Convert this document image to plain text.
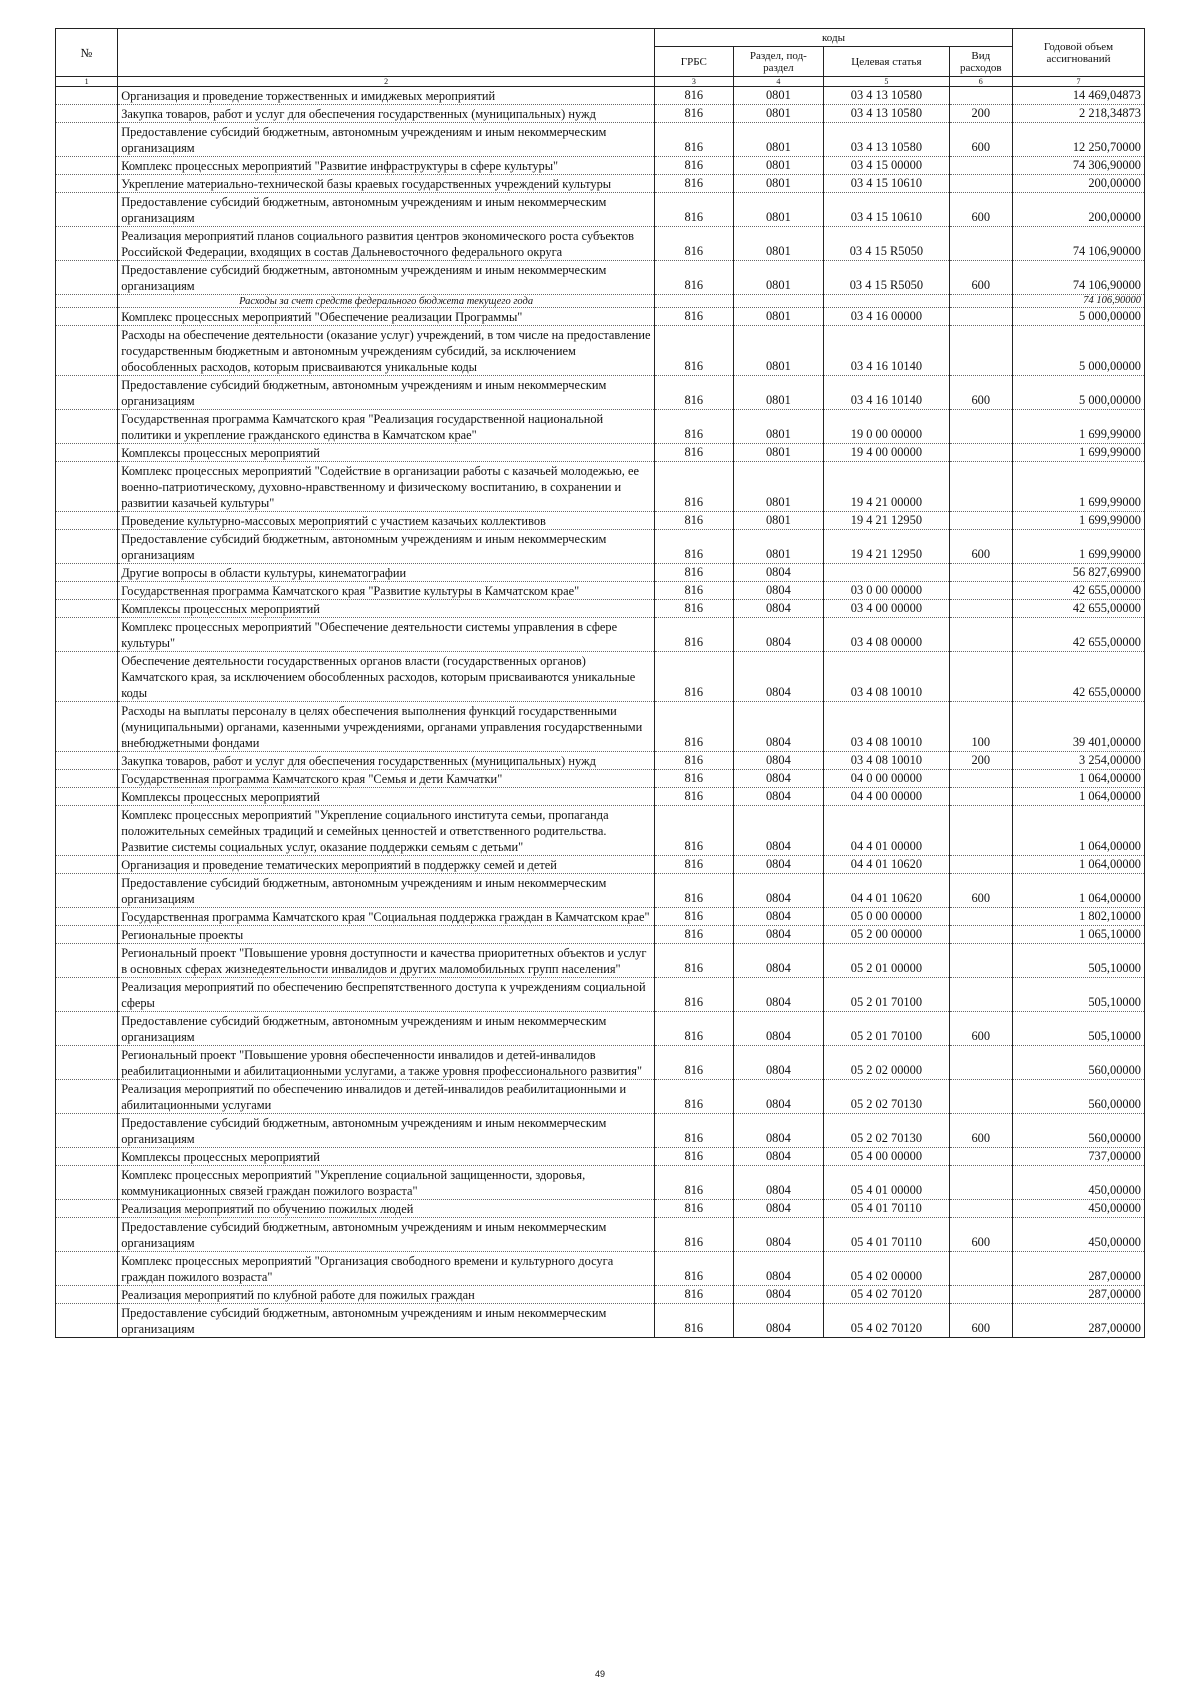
№		коды				Годовой объем ассигнований
		ГРБС	Раздел, под-раздел	Целевая статья	Вид расходов	
1	2	3	4	5	6	7
	Организация и проведение торжественных и имиджевых мероприятий	816	0801	03 4 13 10580		14 469,04873
	Закупка товаров, работ и услуг для обеспечения государственных (муниципальных) нужд	816	0801	03 4 13 10580	200	2 218,34873
	Предоставление субсидий бюджетным, автономным учреждениям и иным некоммерческим организациям	816	0801	03 4 13 10580	600	12 250,70000
	Комплекс процессных мероприятий "Развитие инфраструктуры в сфере культуры"	816	0801	03 4 15 00000		74 306,90000
	Укрепление материально-технической базы краевых государственных учреждений культуры	816	0801	03 4 15 10610		200,00000
	Предоставление субсидий бюджетным, автономным учреждениям и иным некоммерческим организациям	816	0801	03 4 15 10610	600	200,00000
	Реализация мероприятий планов социального развития центров экономического роста субъектов Российской Федерации, входящих в состав Дальневосточного федерального округа	816	0801	03 4 15 R5050		74 106,90000
	Предоставление субсидий бюджетным, автономным учреждениям и иным некоммерческим организациям	816	0801	03 4 15 R5050	600	74 106,90000
	Расходы за счет средств федерального бюджета текущего года					74 106,90000
	Комплекс процессных мероприятий "Обеспечение реализации Программы"	816	0801	03 4 16 00000		5 000,00000
	Расходы на обеспечение деятельности (оказание услуг) учреждений, в том числе на предоставление государственным бюджетным и автономным учреждениям субсидий, за исключением обособленных расходов, которым присваиваются уникальные коды	816	0801	03 4 16 10140		5 000,00000
	Предоставление субсидий бюджетным, автономным учреждениям и иным некоммерческим организациям	816	0801	03 4 16 10140	600	5 000,00000
	Государственная программа Камчатского края "Реализация государственной национальной политики и укрепление гражданского единства в Камчатском крае"	816	0801	19 0 00 00000		1 699,99000
	Комплексы процессных мероприятий	816	0801	19 4 00 00000		1 699,99000
	Комплекс процессных мероприятий "Содействие в организации работы с казачьей молодежью, ее военно-патриотическому, духовно-нравственному и физическому воспитанию, в сохранении и развитии казачьей культуры"	816	0801	19 4 21 00000		1 699,99000
	Проведение культурно-массовых мероприятий с участием казачьих коллективов	816	0801	19 4 21 12950		1 699,99000
	Предоставление субсидий бюджетным, автономным учреждениям и иным некоммерческим организациям	816	0801	19 4 21 12950	600	1 699,99000
	Другие вопросы в области культуры, кинематографии	816	0804			56 827,69900
	Государственная программа Камчатского края "Развитие культуры в Камчатском крае"	816	0804	03 0 00 00000		42 655,00000
	Комплексы процессных мероприятий	816	0804	03 4 00 00000		42 655,00000
	Комплекс процессных мероприятий "Обеспечение деятельности системы управления в сфере культуры"	816	0804	03 4 08 00000		42 655,00000
	Обеспечение деятельности государственных органов власти (государственных органов) Камчатского края, за исключением обособленных расходов, которым присваиваются уникальные коды	816	0804	03 4 08 10010		42 655,00000
	Расходы на выплаты персоналу в целях обеспечения выполнения функций государственными (муниципальными) органами, казенными учреждениями, органами управления государственными внебюджетными фондами	816	0804	03 4 08 10010	100	39 401,00000
	Закупка товаров, работ и услуг для обеспечения государственных (муниципальных) нужд	816	0804	03 4 08 10010	200	3 254,00000
	Государственная программа Камчатского края "Семья и дети Камчатки"	816	0804	04 0 00 00000		1 064,00000
	Комплексы процессных мероприятий	816	0804	04 4 00 00000		1 064,00000
	Комплекс процессных мероприятий "Укрепление социального института семьи, пропаганда положительных семейных традиций и семейных ценностей и ответственного родительства. Развитие системы социальных услуг, оказание поддержки семьям с детьми"	816	0804	04 4 01 00000		1 064,00000
	Организация и проведение тематических мероприятий в поддержку семей и детей	816	0804	04 4 01 10620		1 064,00000
	Предоставление субсидий бюджетным, автономным учреждениям и иным некоммерческим организациям	816	0804	04 4 01 10620	600	1 064,00000
	Государственная программа Камчатского края "Социальная поддержка граждан в Камчатском крае"	816	0804	05 0 00 00000		1 802,10000
	Региональные проекты	816	0804	05 2 00 00000		1 065,10000
	Региональный проект "Повышение уровня доступности и качества приоритетных объектов и услуг в основных сферах жизнедеятельности инвалидов и других маломобильных групп населения"	816	0804	05 2 01 00000		505,10000
	Реализация мероприятий по обеспечению беспрепятственного доступа к учреждениям социальной сферы	816	0804	05 2 01 70100		505,10000
	Предоставление субсидий бюджетным, автономным учреждениям и иным некоммерческим организациям	816	0804	05 2 01 70100	600	505,10000
	Региональный проект "Повышение уровня обеспеченности инвалидов и детей-инвалидов реабилитационными и абилитационными услугами, а также уровня профессионального развития"	816	0804	05 2 02 00000		560,00000
	Реализация мероприятий по обеспечению инвалидов и детей-инвалидов реабилитационными и абилитационными услугами	816	0804	05 2 02 70130		560,00000
	Предоставление субсидий бюджетным, автономным учреждениям и иным некоммерческим организациям	816	0804	05 2 02 70130	600	560,00000
	Комплексы процессных мероприятий	816	0804	05 4 00 00000		737,00000
	Комплекс процессных мероприятий "Укрепление социальной защищенности, здоровья, коммуникационных связей граждан пожилого возраста"	816	0804	05 4 01 00000		450,00000
	Реализация мероприятий по обучению пожилых людей	816	0804	05 4 01 70110		450,00000
	Предоставление субсидий бюджетным, автономным учреждениям и иным некоммерческим организациям	816	0804	05 4 01 70110	600	450,00000
	Комплекс процессных мероприятий "Организация свободного времени и культурного досуга граждан пожилого возраста"	816	0804	05 4 02 00000		287,00000
	Реализация мероприятий по клубной работе для пожилых граждан	816	0804	05 4 02 70120		287,00000
	Предоставление субсидий бюджетным, автономным учреждениям и иным некоммерческим организациям	816	0804	05 4 02 70120	600	287,00000
49
